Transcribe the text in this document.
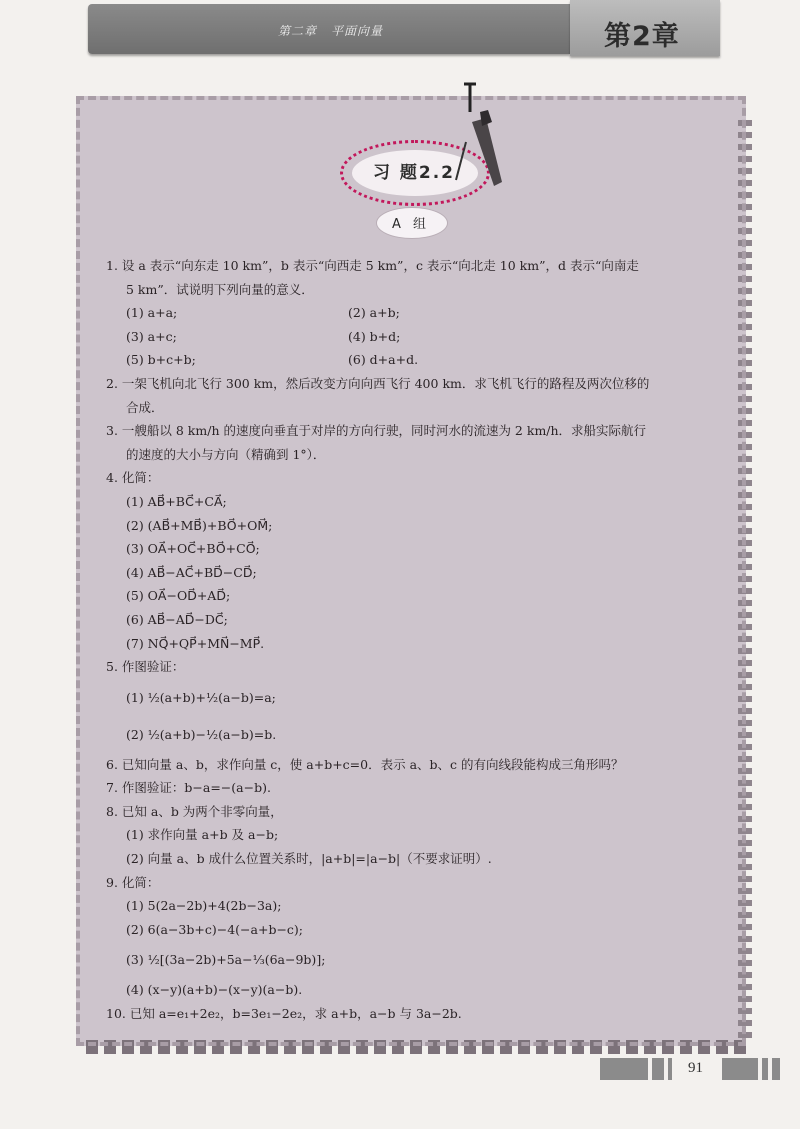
第二章 平面向量	第2章
习 题2.2
A 组
1. 设 a 表示“向东走 10 km”，b 表示“向西走 5 km”，c 表示“向北走 10 km”，d 表示“向南走
5 km”．试说明下列向量的意义．
(1) a+a;	(2) a+b;
(3) a+c;	(4) b+d;
(5) b+c+b;	(6) d+a+d.
2. 一架飞机向北飞行 300 km，然后改变方向向西飞行 400 km．求飞机飞行的路程及两次位移的
合成．
3. 一艘船以 8 km/h 的速度向垂直于对岸的方向行驶，同时河水的流速为 2 km/h．求船实际航行
的速度的大小与方向（精确到 1°）．
4. 化简：
(1) AB⃗+BC⃗+CA⃗;
(2) (AB⃗+MB⃗)+BO⃗+OM⃗;
(3) OA⃗+OC⃗+BO⃗+CO⃗;
(4) AB⃗−AC⃗+BD⃗−CD⃗;
(5) OA⃗−OD⃗+AD⃗;
(6) AB⃗−AD⃗−DC⃗;
(7) NQ⃗+QP⃗+MN⃗−MP⃗.
5. 作图验证：
(1) ½(a+b)+½(a−b)=a;
(2) ½(a+b)−½(a−b)=b.
6. 已知向量 a、b，求作向量 c，使 a+b+c=0．表示 a、b、c 的有向线段能构成三角形吗？
7. 作图验证：b−a=−(a−b).
8. 已知 a、b 为两个非零向量，
(1) 求作向量 a+b 及 a−b;
(2) 向量 a、b 成什么位置关系时，|a+b|=|a−b|（不要求证明）.
9. 化简：
(1) 5(2a−2b)+4(2b−3a);
(2) 6(a−3b+c)−4(−a+b−c);
(3) ½[(3a−2b)+5a−⅓(6a−9b)];
(4) (x−y)(a+b)−(x−y)(a−b).
10. 已知 a=e₁+2e₂，b=3e₁−2e₂，求 a+b，a−b 与 3a−2b.
91
